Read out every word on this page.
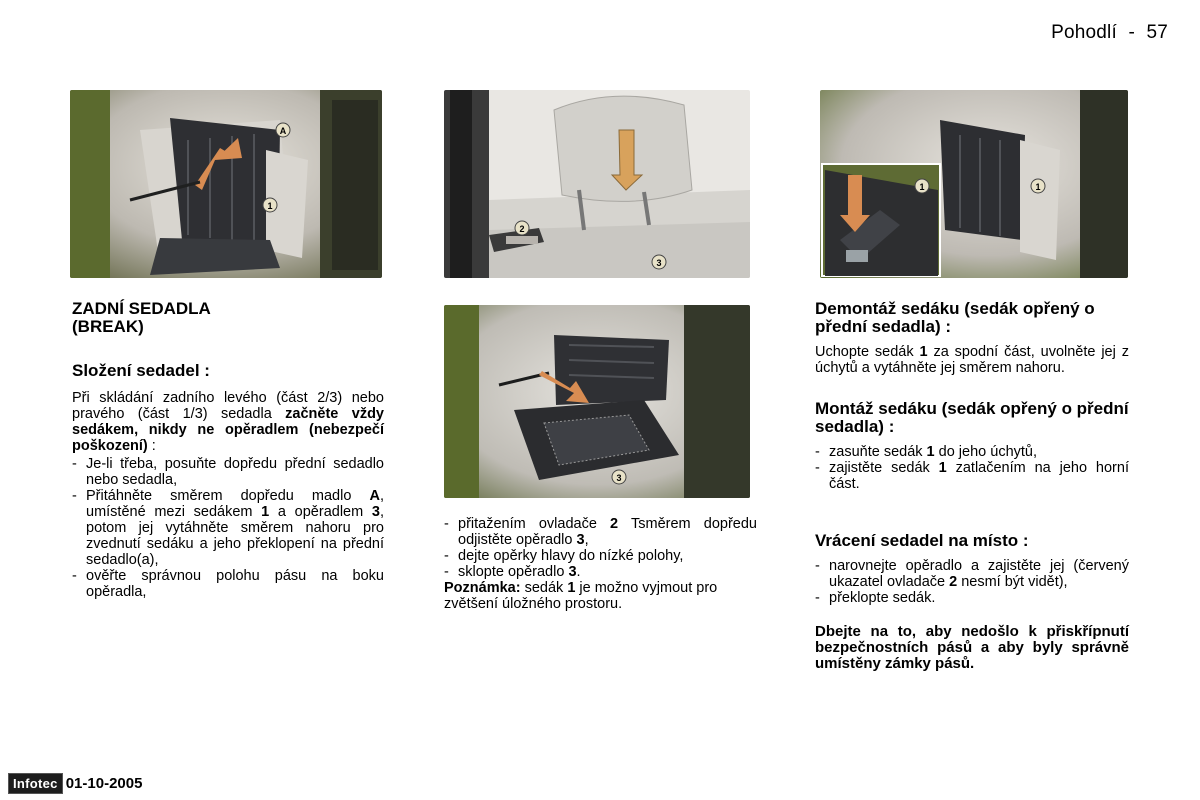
Pohodlí - 57
A
1
2
3
3
1	1
ZADNÍ SEDADLA (BREAK)
Složení sedadel :

Při skládání zadního levého (část 2/3) nebo pravého (část 1/3) sedadla začněte vždy sedákem, nikdy ne opěradlem (nebezpečí poškození) :

- Je-li třeba, posuňte dopředu přední sedadlo nebo sedadla,
- Přitáhněte směrem dopředu madlo A, umístěné mezi sedákem 1 a opěradlem 3, potom jej vytáhněte směrem nahoru pro zvednutí sedáku a jeho překlopení na přední sedadlo(a),
- ověřte správnou polohu pásu na boku opěradla,
- přitažením ovladače 2 Tsměrem dopředu odjistěte opěradlo 3,
- dejte opěrky hlavy do nízké polohy,
- sklopte opěradlo 3.

Poznámka: sedák 1 je možno vyjmout pro zvětšení úložného prostoru.

Demontáž sedáku (sedák opřený o přední sedadla) :

Uchopte sedák 1 za spodní část, uvolněte jej z úchytů a vytáhněte jej směrem nahoru.

Montáž sedáku (sedák opřený o přední sedadla) :
- zasuňte sedák 1 do jeho úchytů,
- zajistěte sedák 1 zatlačením na jeho horní část.
Vrácení sedadel na místo :
- narovnejte opěradlo a zajistěte jej (červený ukazatel ovladače 2 nesmí být vidět),
- překlopte sedák.

Dbejte na to, aby nedošlo k přiskřípnutí bezpečnostních pásů a aby byly správně umístěny zámky pásů.

Infotec 01-10-2005
